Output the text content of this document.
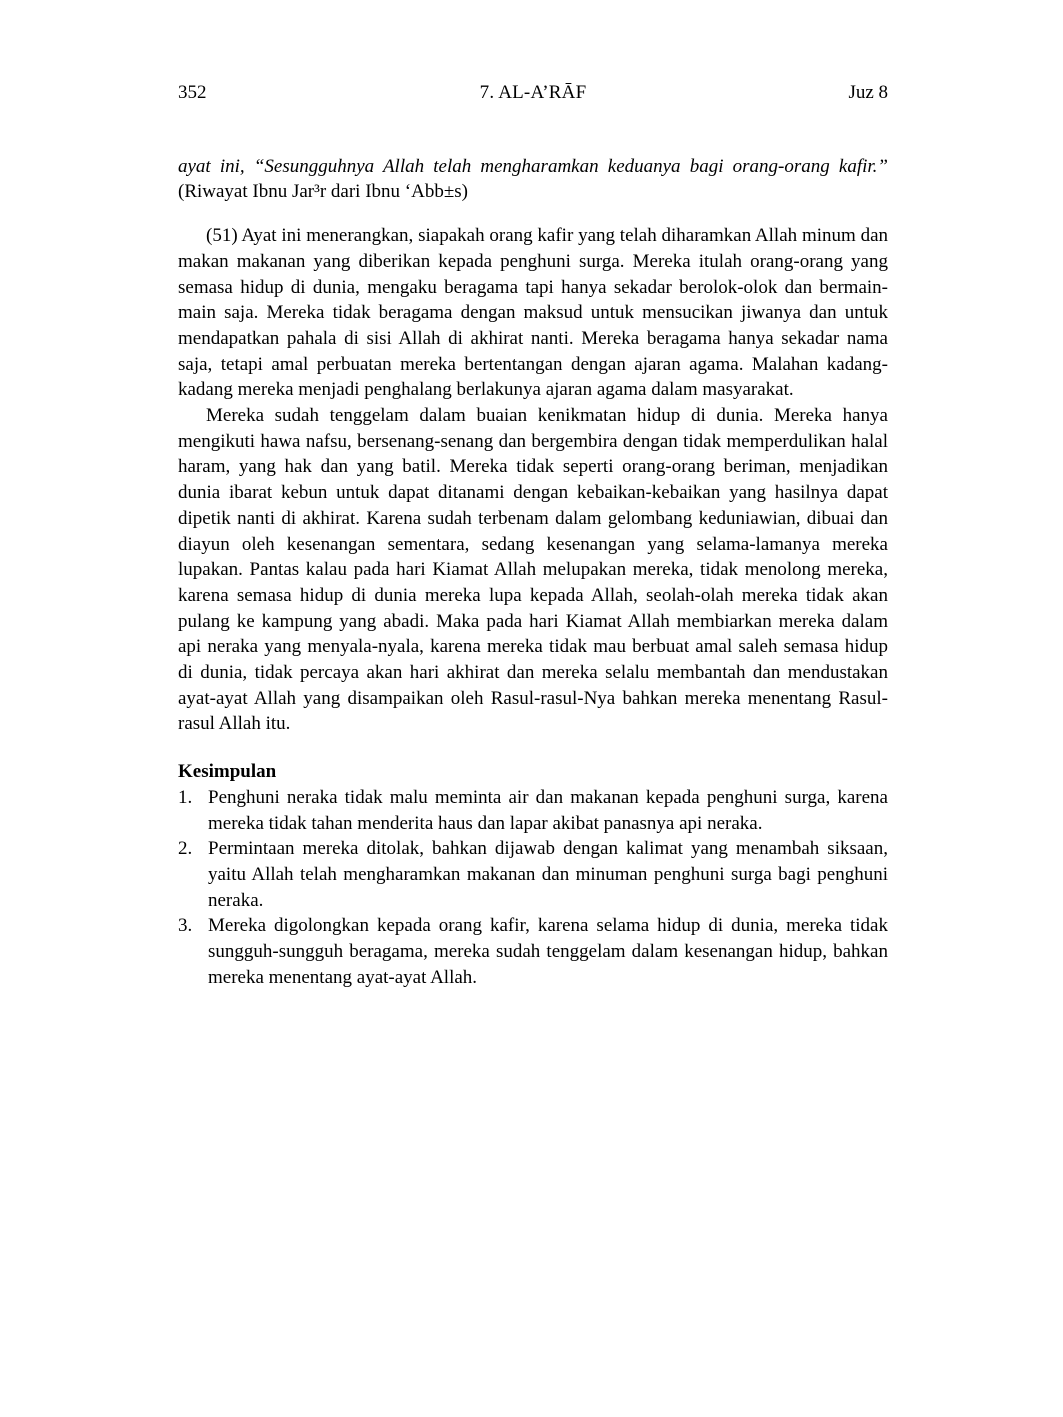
352	7. AL-A’RĀF	Juz 8

ayat ini, “Sesungguhnya Allah telah mengharamkan keduanya bagi orang-orang kafir.” (Riwayat Ibnu Jar³r dari Ibnu ‘Abb±s)

(51) Ayat ini menerangkan, siapakah orang kafir yang telah diharamkan Allah minum dan makan makanan yang diberikan kepada penghuni surga. Mereka itulah orang-orang yang semasa hidup di dunia, mengaku beragama tapi hanya sekadar berolok-olok dan bermain-main saja. Mereka tidak beragama dengan maksud untuk mensucikan jiwanya dan untuk mendapatkan pahala di sisi Allah di akhirat nanti. Mereka beragama hanya sekadar nama saja, tetapi amal perbuatan mereka bertentangan dengan ajaran agama. Malahan kadang-kadang mereka menjadi penghalang berlakunya ajaran agama dalam masyarakat.

Mereka sudah tenggelam dalam buaian kenikmatan hidup di dunia. Mereka hanya mengikuti hawa nafsu, bersenang-senang dan bergembira dengan tidak memperdulikan halal haram, yang hak dan yang batil. Mereka tidak seperti orang-orang beriman, menjadikan dunia ibarat kebun untuk dapat ditanami dengan kebaikan-kebaikan yang hasilnya dapat dipetik nanti di akhirat. Karena sudah terbenam dalam gelombang keduniawian, dibuai dan diayun oleh kesenangan sementara, sedang kesenangan yang selama-lamanya mereka lupakan. Pantas kalau pada hari Kiamat Allah melupakan mereka, tidak menolong mereka, karena semasa hidup di dunia mereka lupa kepada Allah, seolah-olah mereka tidak akan pulang ke kampung yang abadi. Maka pada hari Kiamat Allah membiarkan mereka dalam api neraka yang menyala-nyala, karena mereka tidak mau berbuat amal saleh semasa hidup di dunia, tidak percaya akan hari akhirat dan mereka selalu membantah dan mendustakan ayat-ayat Allah yang disampaikan oleh Rasul-rasul-Nya bahkan mereka menentang Rasul-rasul Allah itu.

Kesimpulan
1. Penghuni neraka tidak malu meminta air dan makanan kepada penghuni surga, karena mereka tidak tahan menderita haus dan lapar akibat panasnya api neraka.
2. Permintaan mereka ditolak, bahkan dijawab dengan kalimat yang menambah siksaan, yaitu Allah telah mengharamkan makanan dan minuman penghuni surga bagi penghuni neraka.
3. Mereka digolongkan kepada orang kafir, karena selama hidup di dunia, mereka tidak sungguh-sungguh beragama, mereka sudah tenggelam dalam kesenangan hidup, bahkan mereka menentang ayat-ayat Allah.
